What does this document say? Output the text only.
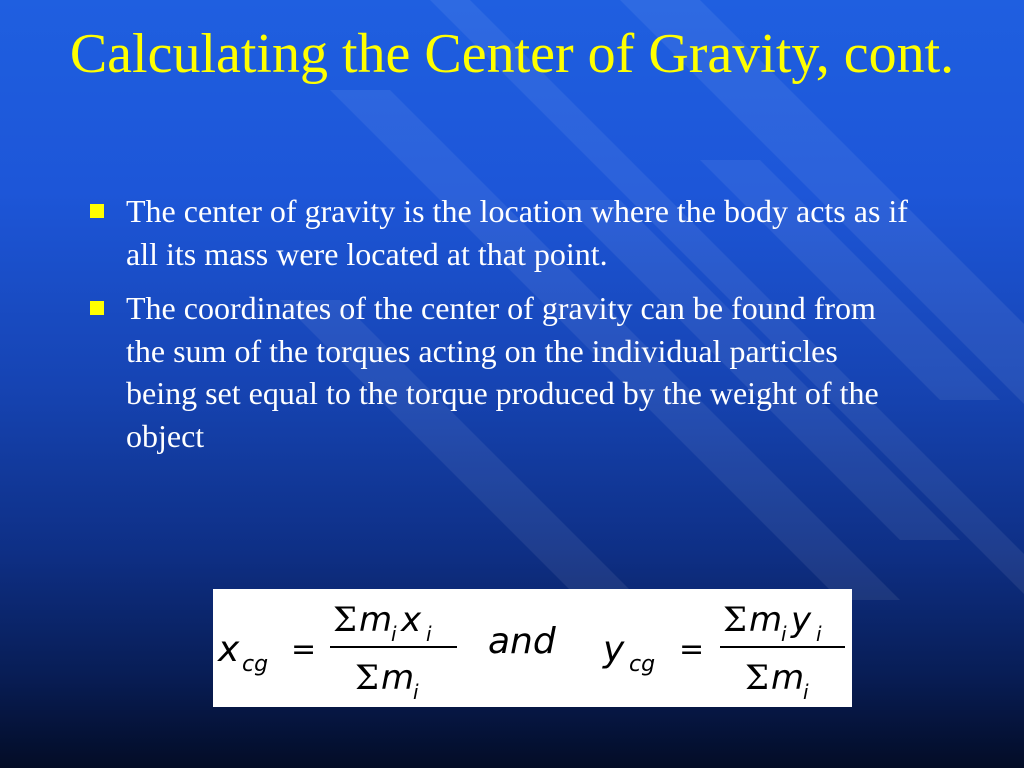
Calculating the Center of Gravity, cont.
The center of gravity is the location where the body acts as if all its mass were located at that point.
The coordinates of the center of gravity can be found from the sum of the torques acting on the individual particles being set equal to the torque produced by the weight of the object
x cg =
Σ m
i x i
Σ m
i
and y cg =
Σ m
i y i
Σ m
i
